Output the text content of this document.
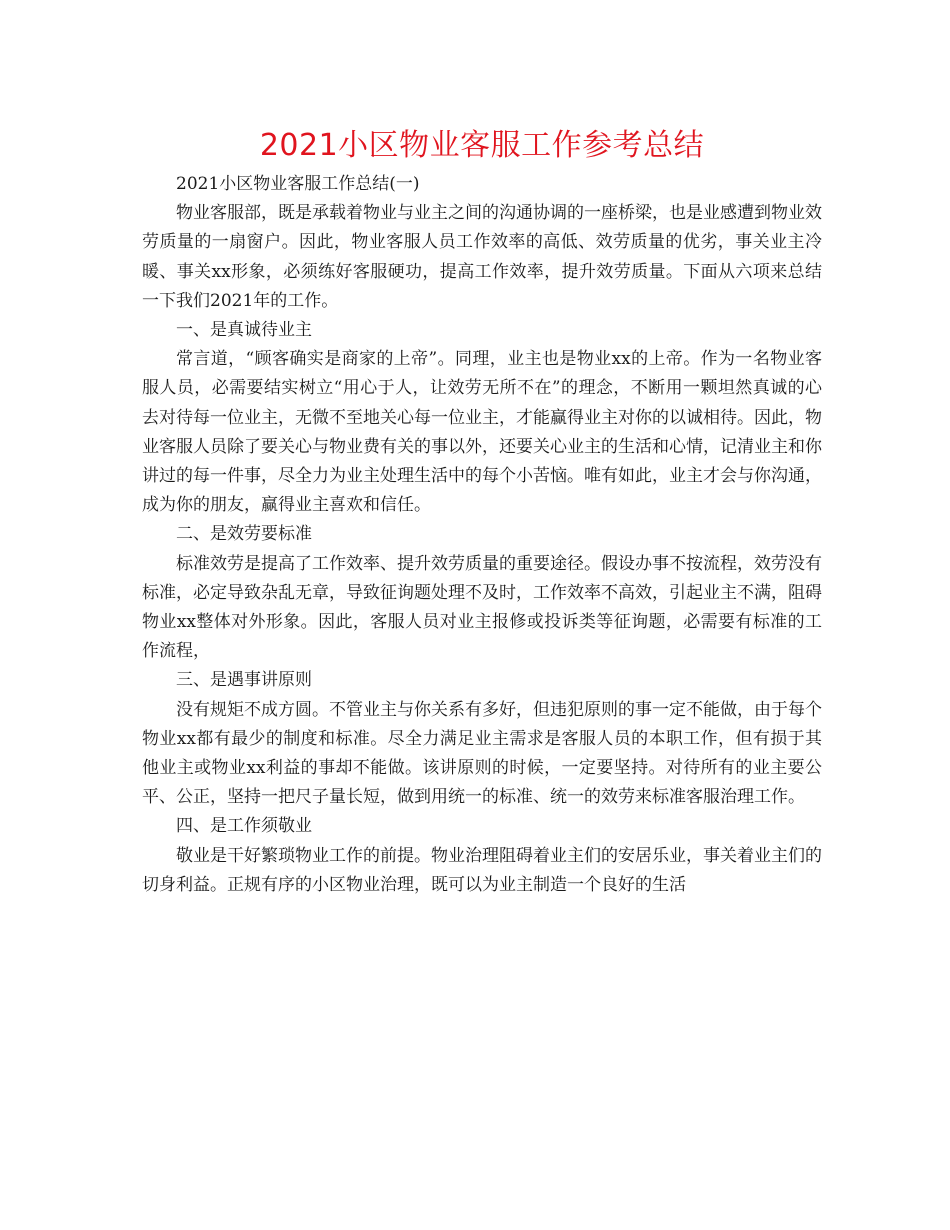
2021小区物业客服工作参考总结

2021小区物业客服工作总结(一)

物业客服部，既是承载着物业与业主之间的沟通协调的一座桥梁，也是业感遭到物业效劳质量的一扇窗户。因此，物业客服人员工作效率的高低、效劳质量的优劣，事关业主冷暖、事关xx形象，必须练好客服硬功，提高工作效率，提升效劳质量。下面从六项来总结一下我们2021年的工作。

一、是真诚待业主

常言道，“顾客确实是商家的上帝”。同理，业主也是物业xx的上帝。作为一名物业客服人员，必需要结实树立“用心于人，让效劳无所不在”的理念，不断用一颗坦然真诚的心去对待每一位业主，无微不至地关心每一位业主，才能赢得业主对你的以诚相待。因此，物业客服人员除了要关心与物业费有关的事以外，还要关心业主的生活和心情，记清业主和你讲过的每一件事，尽全力为业主处理生活中的每个小苦恼。唯有如此，业主才会与你沟通，成为你的朋友，赢得业主喜欢和信任。

二、是效劳要标准

标准效劳是提高了工作效率、提升效劳质量的重要途径。假设办事不按流程，效劳没有标准，必定导致杂乱无章，导致征询题处理不及时，工作效率不高效，引起业主不满，阻碍物业xx整体对外形象。因此，客服人员对业主报修或投诉类等征询题，必需要有标准的工作流程，

三、是遇事讲原则

没有规矩不成方圆。不管业主与你关系有多好，但违犯原则的事一定不能做，由于每个物业xx都有最少的制度和标准。尽全力满足业主需求是客服人员的本职工作，但有损于其他业主或物业xx利益的事却不能做。该讲原则的时候，一定要坚持。对待所有的业主要公平、公正，坚持一把尺子量长短，做到用统一的标准、统一的效劳来标准客服治理工作。

四、是工作须敬业

敬业是干好繁琐物业工作的前提。物业治理阻碍着业主们的安居乐业，事关着业主们的切身利益。正规有序的小区物业治理，既可以为业主制造一个良好的生活
